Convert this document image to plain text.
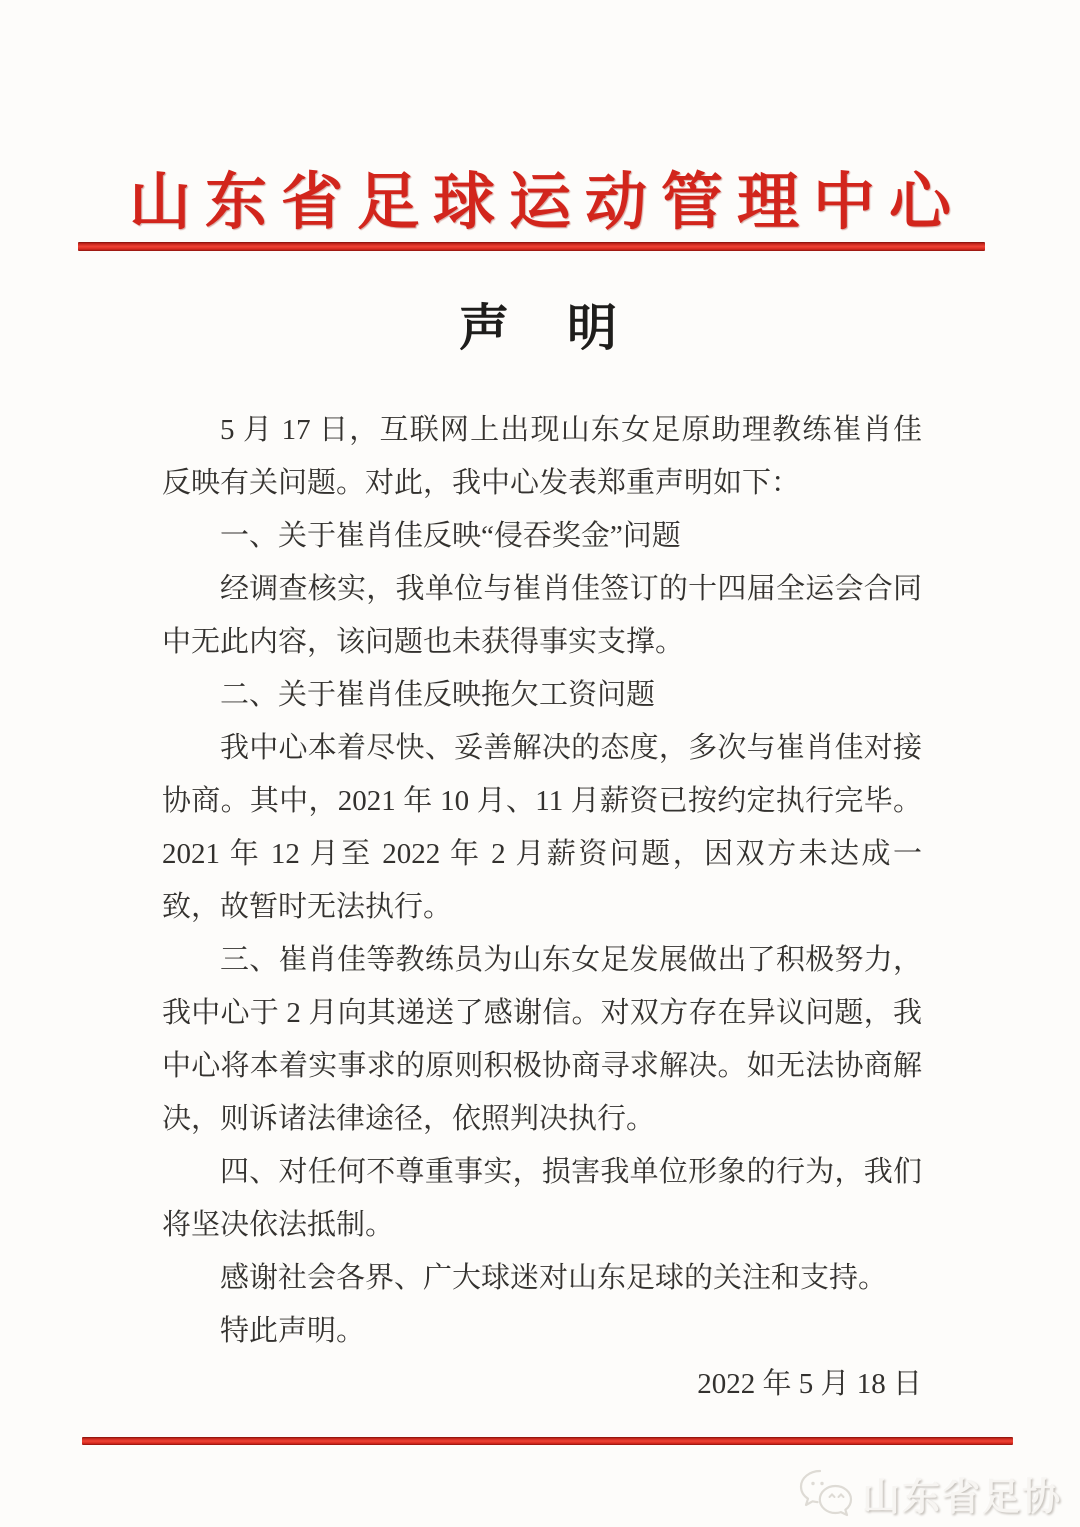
山东省足球运动管理中心
声　明

5 月 17 日，互联网上出现山东女足原助理教练崔肖佳反映有关问题。对此，我中心发表郑重声明如下：

一、关于崔肖佳反映“侵吞奖金”问题

经调查核实，我单位与崔肖佳签订的十四届全运会合同中无此内容，该问题也未获得事实支撑。

二、关于崔肖佳反映拖欠工资问题

我中心本着尽快、妥善解决的态度，多次与崔肖佳对接协商。其中，2021 年 10 月、11 月薪资已按约定执行完毕。2021 年 12 月至 2022 年 2 月薪资问题，因双方未达成一致，故暂时无法执行。

三、崔肖佳等教练员为山东女足发展做出了积极努力，我中心于 2 月向其递送了感谢信。对双方存在异议问题，我中心将本着实事求的原则积极协商寻求解决。如无法协商解决，则诉诸法律途径，依照判决执行。

四、对任何不尊重事实，损害我单位形象的行为，我们将坚决依法抵制。

感谢社会各界、广大球迷对山东足球的关注和支持。

特此声明。

2022 年 5 月 18 日

山东省足协
